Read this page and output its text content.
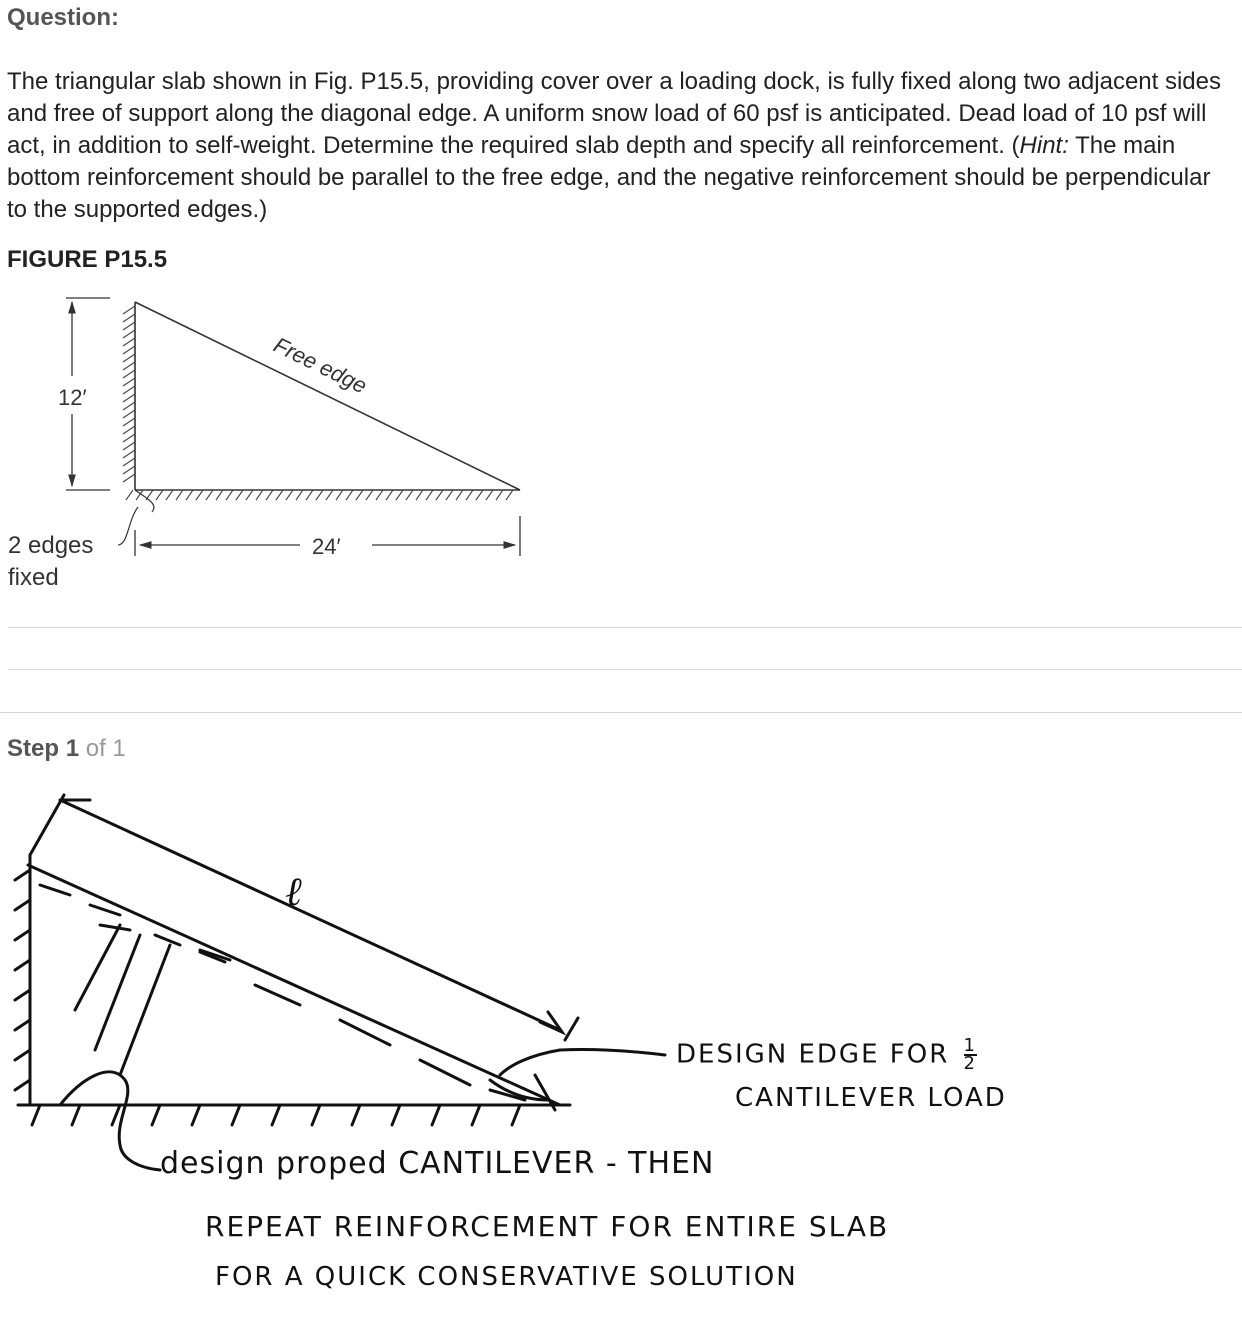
Question:
The triangular slab shown in Fig. P15.5, providing cover over a loading dock, is fully fixed along two adjacent sides and free of support along the diagonal edge. A uniform snow load of 60 psf is anticipated. Dead load of 10 psf will act, in addition to self-weight. Determine the required slab depth and specify all reinforcement. (Hint: The main bottom reinforcement should be parallel to the free edge, and the negative reinforcement should be perpendicular to the supported edges.)
FIGURE P15.5
12′
24′
Free edge
2 edges
fixed
Step 1 of 1
ℓ
DESIGN EDGE FOR $\frac{1}{2}$
CANTILEVER LOAD
design proped CANTILEVER - THEN
REPEAT REINFORCEMENT FOR ENTIRE SLAB
FOR A QUICK CONSERVATIVE SOLUTION
